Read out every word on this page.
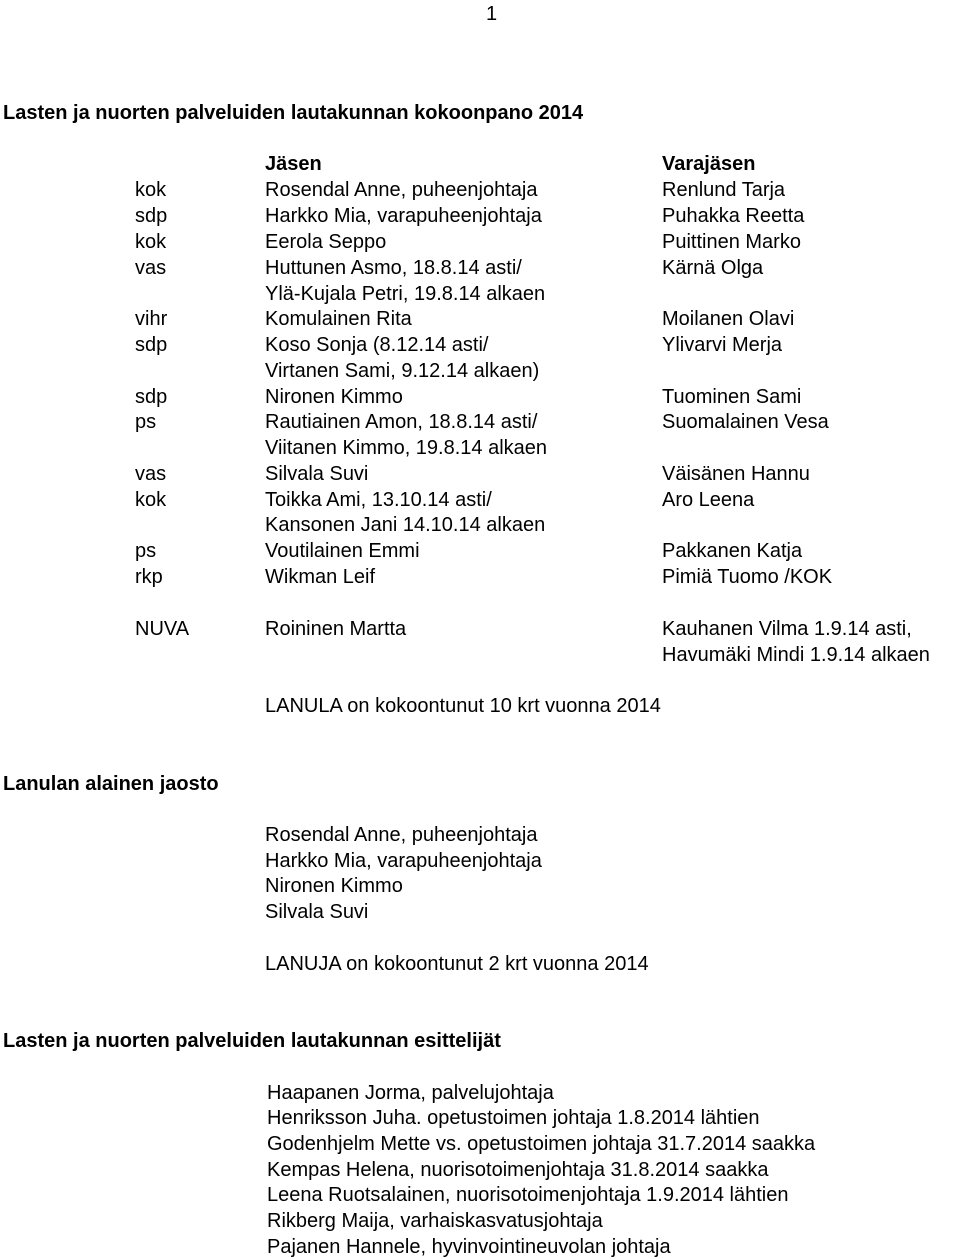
1
Lasten ja nuorten palveluiden lautakunnan kokoonpano 2014
Jäsen	Varajäsen
kok	Rosendal Anne, puheenjohtaja	Renlund Tarja
sdp	Harkko Mia, varapuheenjohtaja	Puhakka Reetta
kok	Eerola Seppo	Puittinen Marko
vas	Huttunen Asmo, 18.8.14 asti/	Kärnä Olga
Ylä-Kujala Petri, 19.8.14 alkaen
vihr	Komulainen Rita	Moilanen Olavi
sdp	Koso Sonja (8.12.14 asti/	Ylivarvi Merja
Virtanen Sami, 9.12.14 alkaen)
sdp	Nironen Kimmo	Tuominen Sami
ps	Rautiainen Amon, 18.8.14 asti/	Suomalainen Vesa
Viitanen Kimmo, 19.8.14 alkaen
vas	Silvala Suvi	Väisänen Hannu
kok	Toikka Ami, 13.10.14 asti/	Aro Leena
Kansonen Jani 14.10.14 alkaen
ps	Voutilainen Emmi	Pakkanen Katja
rkp	Wikman Leif	Pimiä Tuomo /KOK
NUVA	Roininen Martta	Kauhanen Vilma 1.9.14 asti,
Havumäki Mindi 1.9.14 alkaen
LANULA on kokoontunut 10 krt vuonna 2014
Lanulan alainen jaosto
Rosendal Anne, puheenjohtaja
Harkko Mia, varapuheenjohtaja
Nironen Kimmo
Silvala Suvi
LANUJA on kokoontunut 2 krt vuonna 2014
Lasten ja nuorten palveluiden lautakunnan esittelijät
Haapanen Jorma, palvelujohtaja
Henriksson Juha. opetustoimen johtaja 1.8.2014 lähtien
Godenhjelm Mette vs. opetustoimen johtaja 31.7.2014 saakka
Kempas Helena, nuorisotoimenjohtaja 31.8.2014 saakka
Leena Ruotsalainen, nuorisotoimenjohtaja 1.9.2014 lähtien
Rikberg Maija, varhaiskasvatusjohtaja
Pajanen Hannele, hyvinvointineuvolan johtaja
